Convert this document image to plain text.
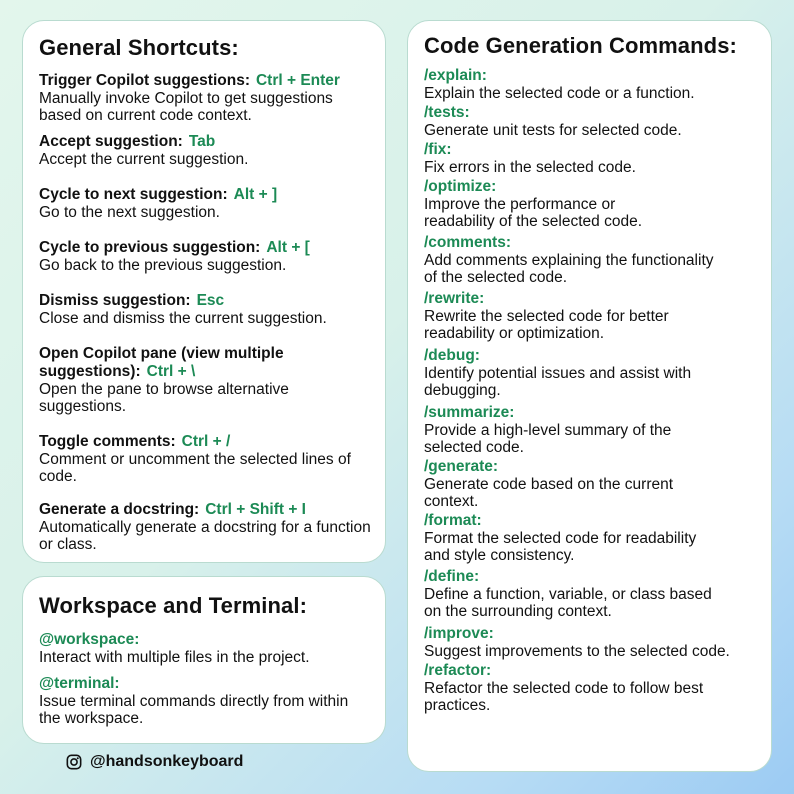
General Shortcuts:
Trigger Copilot suggestions: Ctrl + Enter
Manually invoke Copilot to get suggestions based on current code context.
Accept suggestion: Tab
Accept the current suggestion.
Cycle to next suggestion: Alt + ]
Go to the next suggestion.
Cycle to previous suggestion: Alt + [
Go back to the previous suggestion.
Dismiss suggestion: Esc
Close and dismiss the current suggestion.
Open Copilot pane (view multiple suggestions): Ctrl + \
Open the pane to browse alternative suggestions.
Toggle comments: Ctrl + /
Comment or uncomment the selected lines of code.
Generate a docstring: Ctrl + Shift + I
Automatically generate a docstring for a function or class.
Workspace and Terminal:
@workspace:
Interact with multiple files in the project.
@terminal:
Issue terminal commands directly from within the workspace.
Code Generation Commands:
/explain:
Explain the selected code or a function.
/tests:
Generate unit tests for selected code.
/fix:
Fix errors in the selected code.
/optimize:
Improve the performance or readability of the selected code.
/comments:
Add comments explaining the functionality of the selected code.
/rewrite:
Rewrite the selected code for better readability or optimization.
/debug:
Identify potential issues and assist with debugging.
/summarize:
Provide a high-level summary of the selected code.
/generate:
Generate code based on the current context.
/format:
Format the selected code for readability and style consistency.
/define:
Define a function, variable, or class based on the surrounding context.
/improve:
Suggest improvements to the selected code.
/refactor:
Refactor the selected code to follow best practices.
@handsonkeyboard
